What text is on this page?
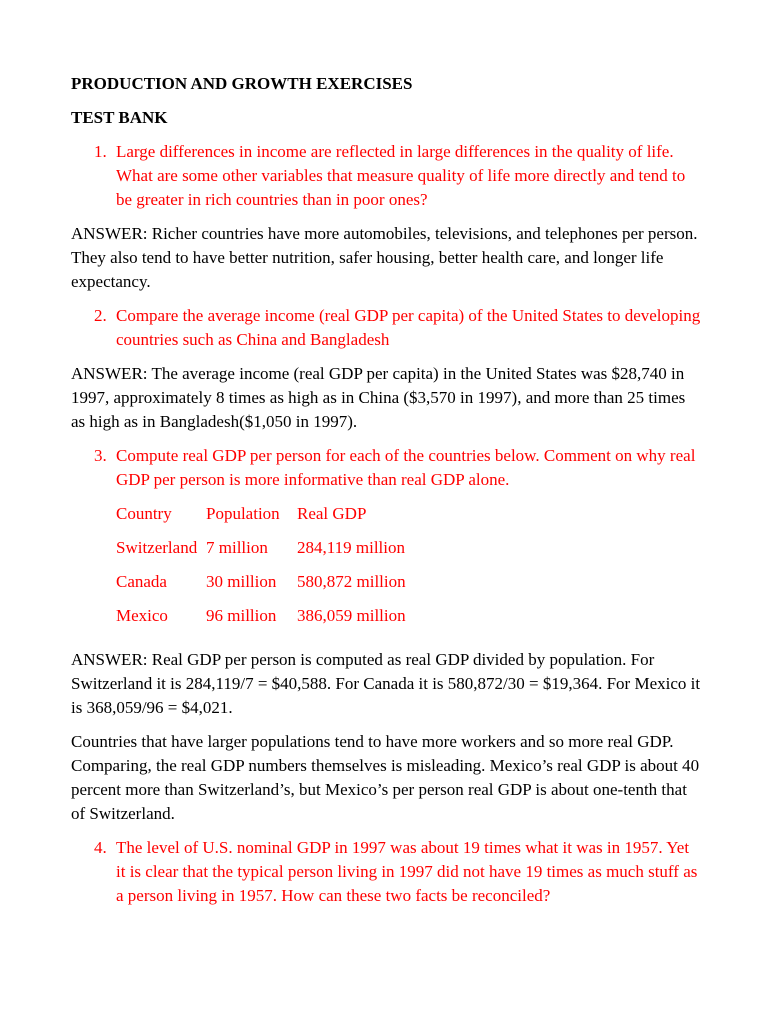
PRODUCTION AND GROWTH EXERCISES
TEST BANK
1. Large differences in income are reflected in large differences in the quality of life. What are some other variables that measure quality of life more directly and tend to be greater in rich countries than in poor ones?
ANSWER: Richer countries have more automobiles, televisions, and telephones per person. They also tend to have better nutrition, safer housing, better health care, and longer life expectancy.
2. Compare the average income (real GDP per capita) of the United States to developing countries such as China and Bangladesh
ANSWER: The average income (real GDP per capita) in the United States was $28,740 in 1997, approximately 8 times as high as in China ($3,570 in 1997), and more than 25 times as high as in Bangladesh($1,050 in 1997).
3. Compute real GDP per person for each of the countries below. Comment on why real GDP per person is more informative than real GDP alone.
Country	Population	Real GDP
Switzerland	7 million	284,119 million
Canada	30 million	580,872 million
Mexico	96 million	386,059 million
ANSWER: Real GDP per person is computed as real GDP divided by population. For Switzerland it is 284,119/7 = $40,588. For Canada it is 580,872/30 = $19,364. For Mexico it is 368,059/96 = $4,021.
Countries that have larger populations tend to have more workers and so more real GDP. Comparing, the real GDP numbers themselves is misleading. Mexico’s real GDP is about 40 percent more than Switzerland’s, but Mexico’s per person real GDP is about one-tenth that of Switzerland.
4. The level of U.S. nominal GDP in 1997 was about 19 times what it was in 1957. Yet it is clear that the typical person living in 1997 did not have 19 times as much stuff as a person living in 1957. How can these two facts be reconciled?
